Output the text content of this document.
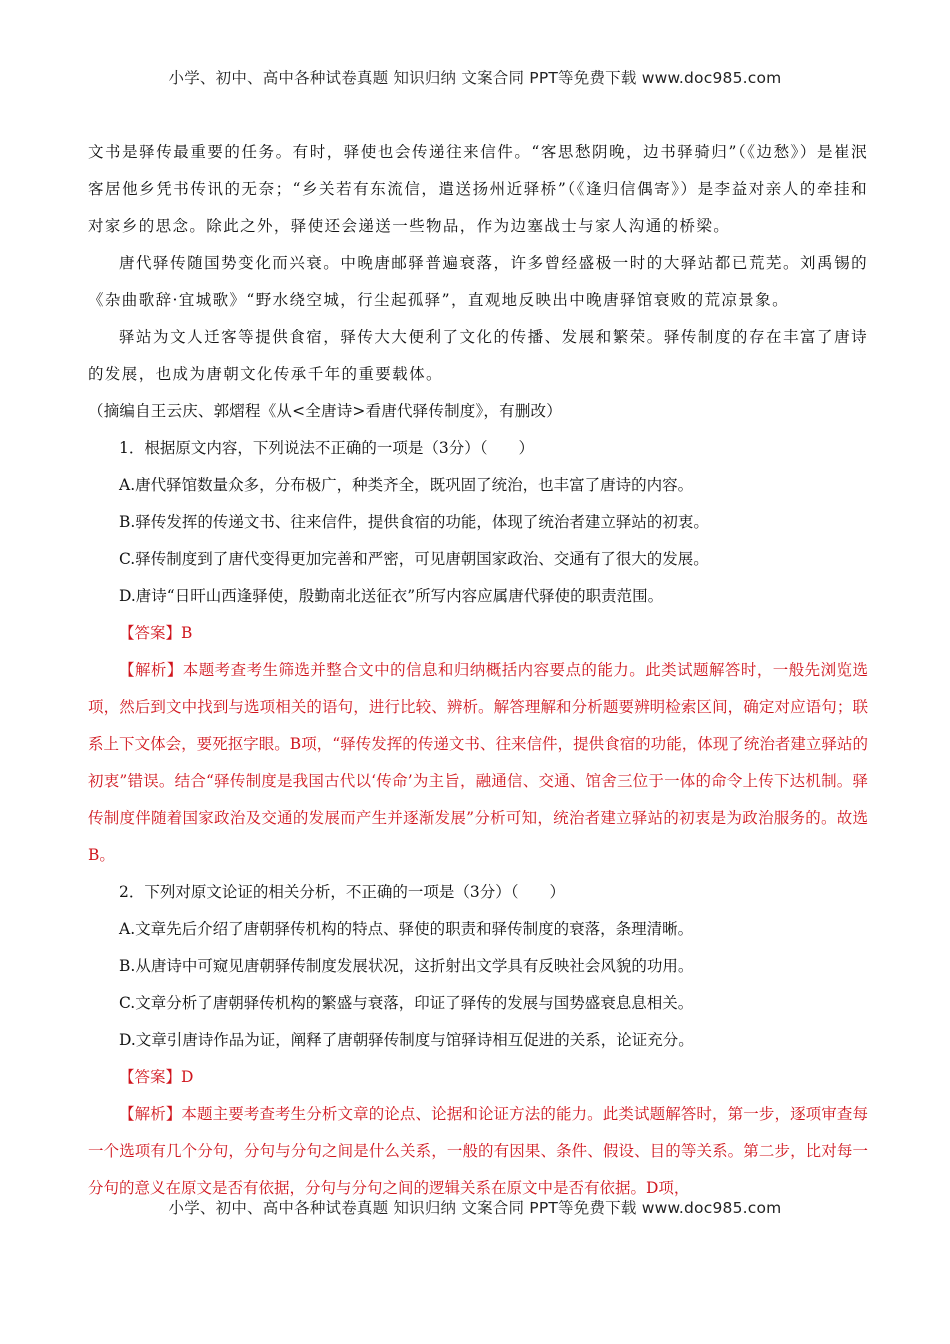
小学、初中、高中各种试卷真题 知识归纳 文案合同 PPT等免费下载 www.doc985.com

文书是驿传最重要的任务。有时，驿使也会传递往来信件。“客思愁阴晚，边书驿骑归”（《边愁》）是崔泯客居他乡凭书传讯的无奈；“乡关若有东流信，遣送扬州近驿桥”（《逢归信偶寄》）是李益对亲人的牵挂和对家乡的思念。除此之外，驿使还会递送一些物品，作为边塞战士与家人沟通的桥梁。

唐代驿传随国势变化而兴衰。中晚唐邮驿普遍衰落，许多曾经盛极一时的大驿站都已荒芜。刘禹锡的《杂曲歌辞·宜城歌》“野水绕空城，行尘起孤驿”，直观地反映出中晚唐驿馆衰败的荒凉景象。

驿站为文人迁客等提供食宿，驿传大大便利了文化的传播、发展和繁荣。驿传制度的存在丰富了唐诗的发展，也成为唐朝文化传承千年的重要载体。

（摘编自王云庆、郭熠程《从<全唐诗>看唐代驿传制度》，有删改）

1．根据原文内容，下列说法不正确的一项是（3分）（　　）

A.唐代驿馆数量众多，分布极广，种类齐全，既巩固了统治，也丰富了唐诗的内容。

B.驿传发挥的传递文书、往来信件，提供食宿的功能，体现了统治者建立驿站的初衷。

C.驿传制度到了唐代变得更加完善和严密，可见唐朝国家政治、交通有了很大的发展。

D.唐诗“日旰山西逢驿使，殷勤南北送征衣”所写内容应属唐代驿使的职责范围。

【答案】B

【解析】本题考查考生筛选并整合文中的信息和归纳概括内容要点的能力。此类试题解答时，一般先浏览选项，然后到文中找到与选项相关的语句，进行比较、辨析。解答理解和分析题要辨明检索区间，确定对应语句；联系上下文体会，要死抠字眼。B项，“驿传发挥的传递文书、往来信件，提供食宿的功能，体现了统治者建立驿站的初衷”错误。结合“驿传制度是我国古代以‘传命’为主旨，融通信、交通、馆舍三位于一体的命令上传下达机制。驿传制度伴随着国家政治及交通的发展而产生并逐渐发展”分析可知，统治者建立驿站的初衷是为政治服务的。故选B。

2．下列对原文论证的相关分析，不正确的一项是（3分）（　　）

A.文章先后介绍了唐朝驿传机构的特点、驿使的职责和驿传制度的衰落，条理清晰。

B.从唐诗中可窥见唐朝驿传制度发展状况，这折射出文学具有反映社会风貌的功用。

C.文章分析了唐朝驿传机构的繁盛与衰落，印证了驿传的发展与国势盛衰息息相关。

D.文章引唐诗作品为证，阐释了唐朝驿传制度与馆驿诗相互促进的关系，论证充分。

【答案】D

【解析】本题主要考查考生分析文章的论点、论据和论证方法的能力。此类试题解答时，第一步，逐项审查每一个选项有几个分句，分句与分句之间是什么关系，一般的有因果、条件、假设、目的等关系。第二步，比对每一分句的意义在原文是否有依据，分句与分句之间的逻辑关系在原文中是否有依据。D项，

小学、初中、高中各种试卷真题 知识归纳 文案合同 PPT等免费下载 www.doc985.com
